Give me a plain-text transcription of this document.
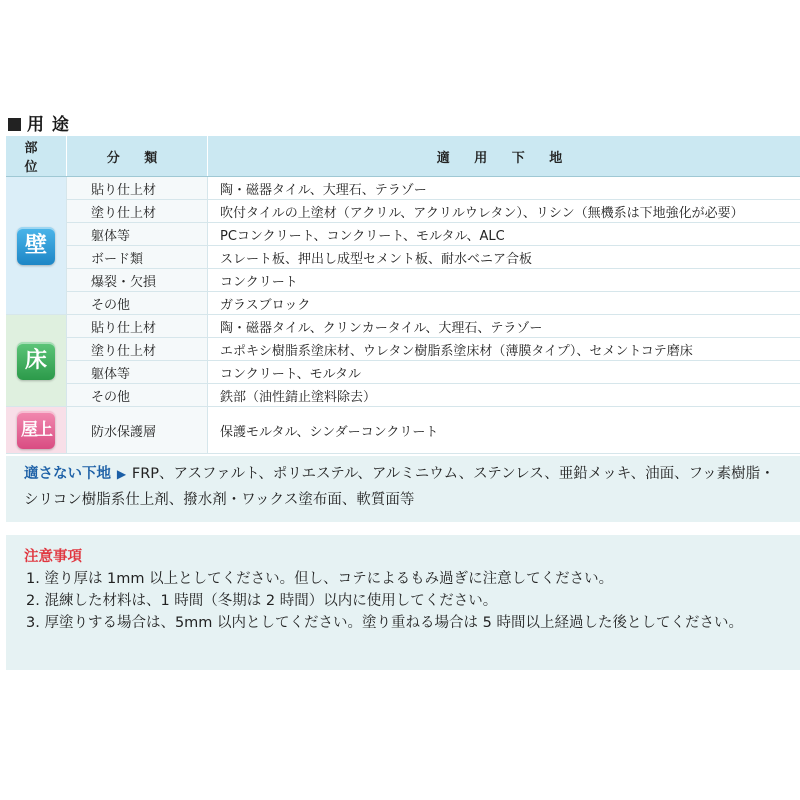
用 途
部 位	分 類	適 用 下 地
壁	貼り仕上材	陶・磁器タイル、大理石、テラゾー
	塗り仕上材	吹付タイルの上塗材（アクリル、アクリルウレタン）、リシン（無機系は下地強化が必要）
	躯体等	PCコンクリート、コンクリート、モルタル、ALC
	ボード類	スレート板、押出し成型セメント板、耐水ベニア合板
	爆裂・欠損	コンクリート
	その他	ガラスブロック
床	貼り仕上材	陶・磁器タイル、クリンカータイル、大理石、テラゾー
	塗り仕上材	エポキシ樹脂系塗床材、ウレタン樹脂系塗床材（薄膜タイプ）、セメントコテ磨床
	躯体等	コンクリート、モルタル
	その他	鉄部（油性錆止塗料除去）
屋上	防水保護層	保護モルタル、シンダーコンクリート
適さない下地 ▶ FRP、アスファルト、ポリエステル、アルミニウム、ステンレス、亜鉛メッキ、油面、フッ素樹脂・
シリコン樹脂系仕上剤、撥水剤・ワックス塗布面、軟質面等
注意事項
1. 塗り厚は 1mm 以上としてください。但し、コテによるもみ過ぎに注意してください。
2. 混練した材料は、1 時間（冬期は 2 時間）以内に使用してください。
3. 厚塗りする場合は、5mm 以内としてください。塗り重ねる場合は 5 時間以上経過した後としてください。
